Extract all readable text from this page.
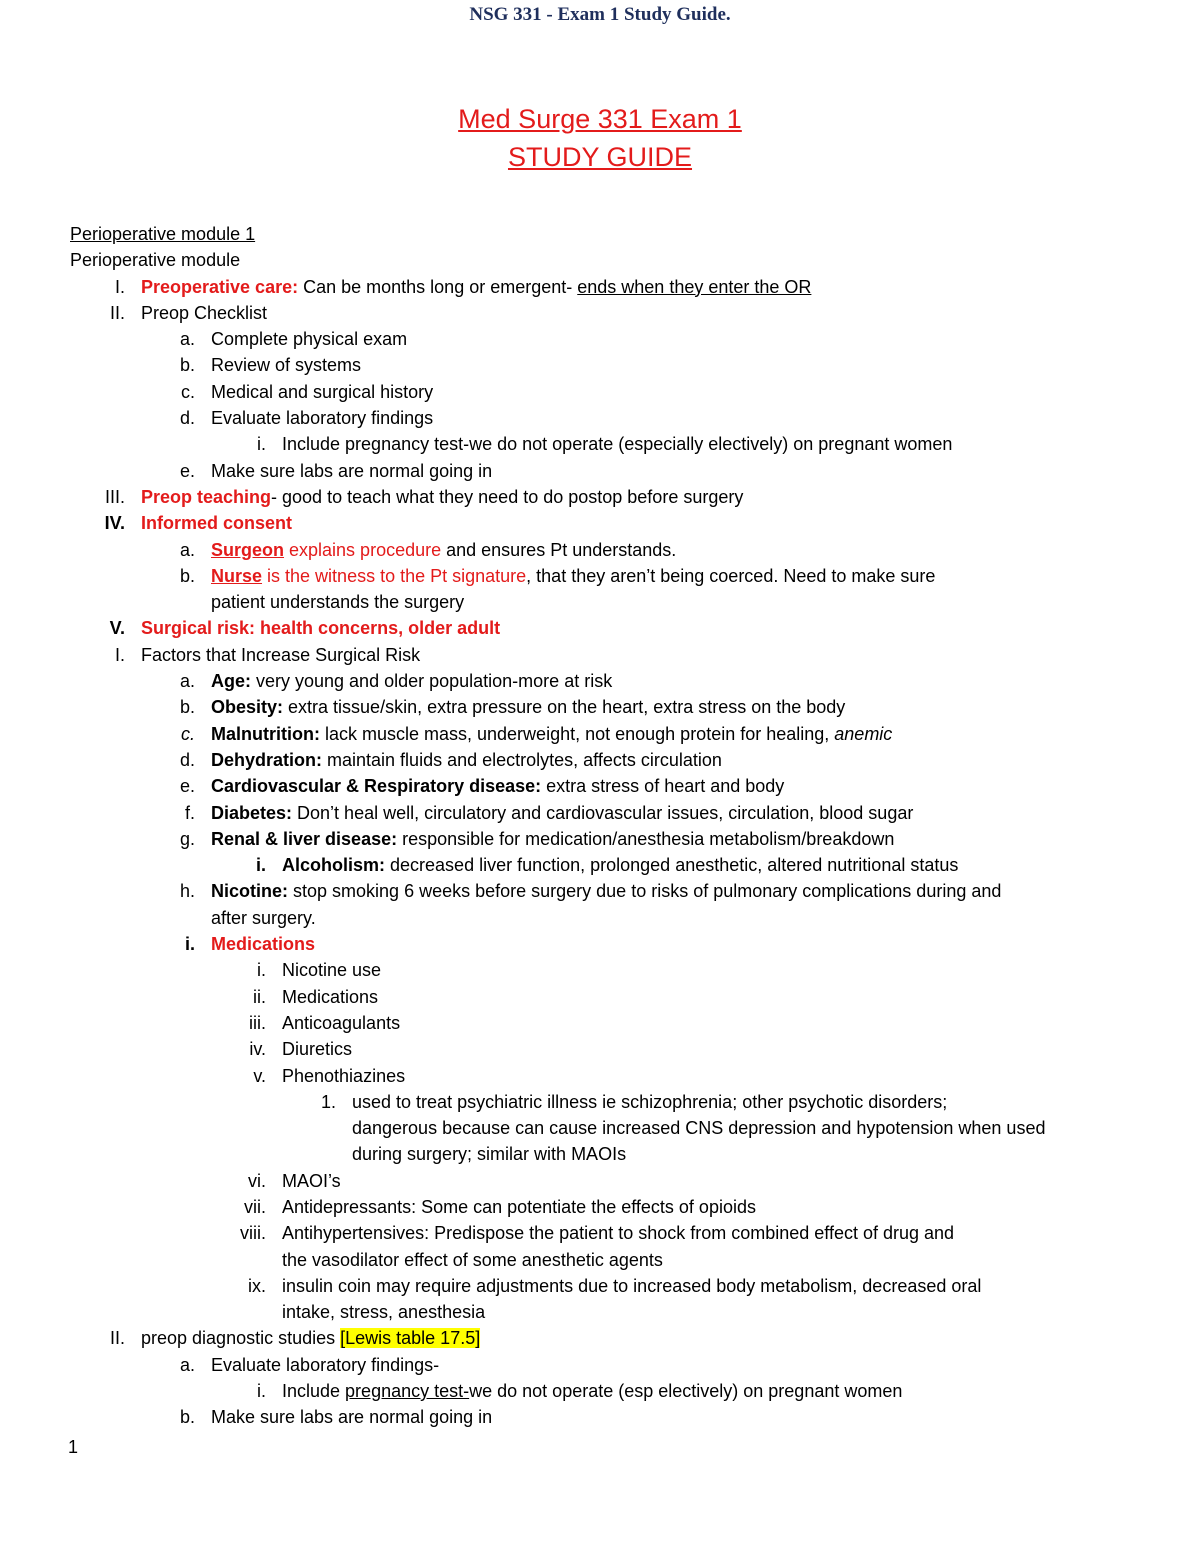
NSG 331 - Exam 1 Study Guide.
Med Surge 331 Exam 1
STUDY GUIDE
Perioperative module 1
Perioperative module
I. Preoperative care: Can be months long or emergent- ends when they enter the OR
II. Preop Checklist
a. Complete physical exam
b. Review of systems
c. Medical and surgical history
d. Evaluate laboratory findings
i. Include pregnancy test-we do not operate (especially electively) on pregnant women
e. Make sure labs are normal going in
III. Preop teaching- good to teach what they need to do postop before surgery
IV. Informed consent
a. Surgeon explains procedure and ensures Pt understands.
b. Nurse is the witness to the Pt signature, that they aren’t being coerced. Need to make sure
patient understands the surgery
V. Surgical risk: health concerns, older adult
I. Factors that Increase Surgical Risk
a. Age: very young and older population-more at risk
b. Obesity: extra tissue/skin, extra pressure on the heart, extra stress on the body
c. Malnutrition: lack muscle mass, underweight, not enough protein for healing, anemic
d. Dehydration: maintain fluids and electrolytes, affects circulation
e. Cardiovascular & Respiratory disease: extra stress of heart and body
f. Diabetes: Don’t heal well, circulatory and cardiovascular issues, circulation, blood sugar
g. Renal & liver disease: responsible for medication/anesthesia metabolism/breakdown
i. Alcoholism: decreased liver function, prolonged anesthetic, altered nutritional status
h. Nicotine: stop smoking 6 weeks before surgery due to risks of pulmonary complications during and
after surgery.
i. Medications
i. Nicotine use
ii. Medications
iii. Anticoagulants
iv. Diuretics
v. Phenothiazines
1. used to treat psychiatric illness ie schizophrenia; other psychotic disorders;
dangerous because can cause increased CNS depression and hypotension when used
during surgery; similar with MAOIs
vi. MAOI’s
vii. Antidepressants: Some can potentiate the effects of opioids
viii. Antihypertensives: Predispose the patient to shock from combined effect of drug and
the vasodilator effect of some anesthetic agents
ix. insulin coin may require adjustments due to increased body metabolism, decreased oral
intake, stress, anesthesia
II. preop diagnostic studies [Lewis table 17.5]
a. Evaluate laboratory findings-
i. Include pregnancy test-we do not operate (esp electively) on pregnant women
b. Make sure labs are normal going in
1
